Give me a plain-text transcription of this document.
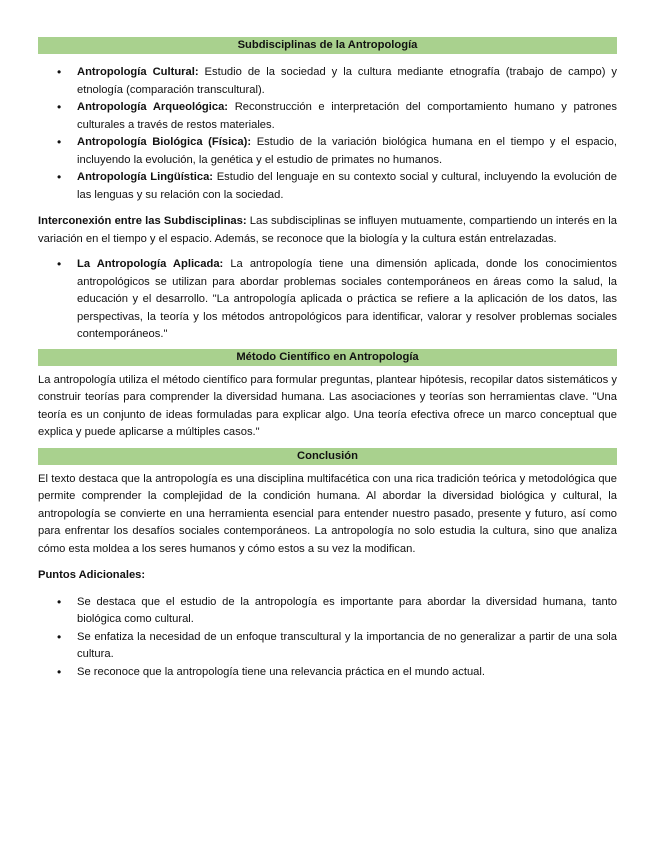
Subdisciplinas de la Antropología
• Antropología Cultural: Estudio de la sociedad y la cultura mediante etnografía (trabajo de campo) y etnología (comparación transcultural).
• Antropología Arqueológica: Reconstrucción e interpretación del comportamiento humano y patrones culturales a través de restos materiales.
• Antropología Biológica (Física): Estudio de la variación biológica humana en el tiempo y el espacio, incluyendo la evolución, la genética y el estudio de primates no humanos.
• Antropología Lingüística: Estudio del lenguaje en su contexto social y cultural, incluyendo la evolución de las lenguas y su relación con la sociedad.

Interconexión entre las Subdisciplinas: Las subdisciplinas se influyen mutuamente, compartiendo un interés en la variación en el tiempo y el espacio. Además, se reconoce que la biología y la cultura están entrelazadas.

• La Antropología Aplicada: La antropología tiene una dimensión aplicada, donde los conocimientos antropológicos se utilizan para abordar problemas sociales contemporáneos en áreas como la salud, la educación y el desarrollo. "La antropología aplicada o práctica se refiere a la aplicación de los datos, las perspectivas, la teoría y los métodos antropológicos para identificar, valorar y resolver problemas sociales contemporáneos."
Método Científico en Antropología

La antropología utiliza el método científico para formular preguntas, plantear hipótesis, recopilar datos sistemáticos y construir teorías para comprender la diversidad humana. Las asociaciones y teorías son herramientas clave. "Una teoría es un conjunto de ideas formuladas para explicar algo. Una teoría efectiva ofrece un marco conceptual que explica y puede aplicarse a múltiples casos."

Conclusión

El texto destaca que la antropología es una disciplina multifacética con una rica tradición teórica y metodológica que permite comprender la complejidad de la condición humana. Al abordar la diversidad biológica y cultural, la antropología se convierte en una herramienta esencial para entender nuestro pasado, presente y futuro, así como para enfrentar los desafíos sociales contemporáneos. La antropología no solo estudia la cultura, sino que analiza cómo esta moldea a los seres humanos y cómo estos a su vez la modifican.

Puntos Adicionales:

• Se destaca que el estudio de la antropología es importante para abordar la diversidad humana, tanto biológica como cultural.
• Se enfatiza la necesidad de un enfoque transcultural y la importancia de no generalizar a partir de una sola cultura.
• Se reconoce que la antropología tiene una relevancia práctica en el mundo actual.
